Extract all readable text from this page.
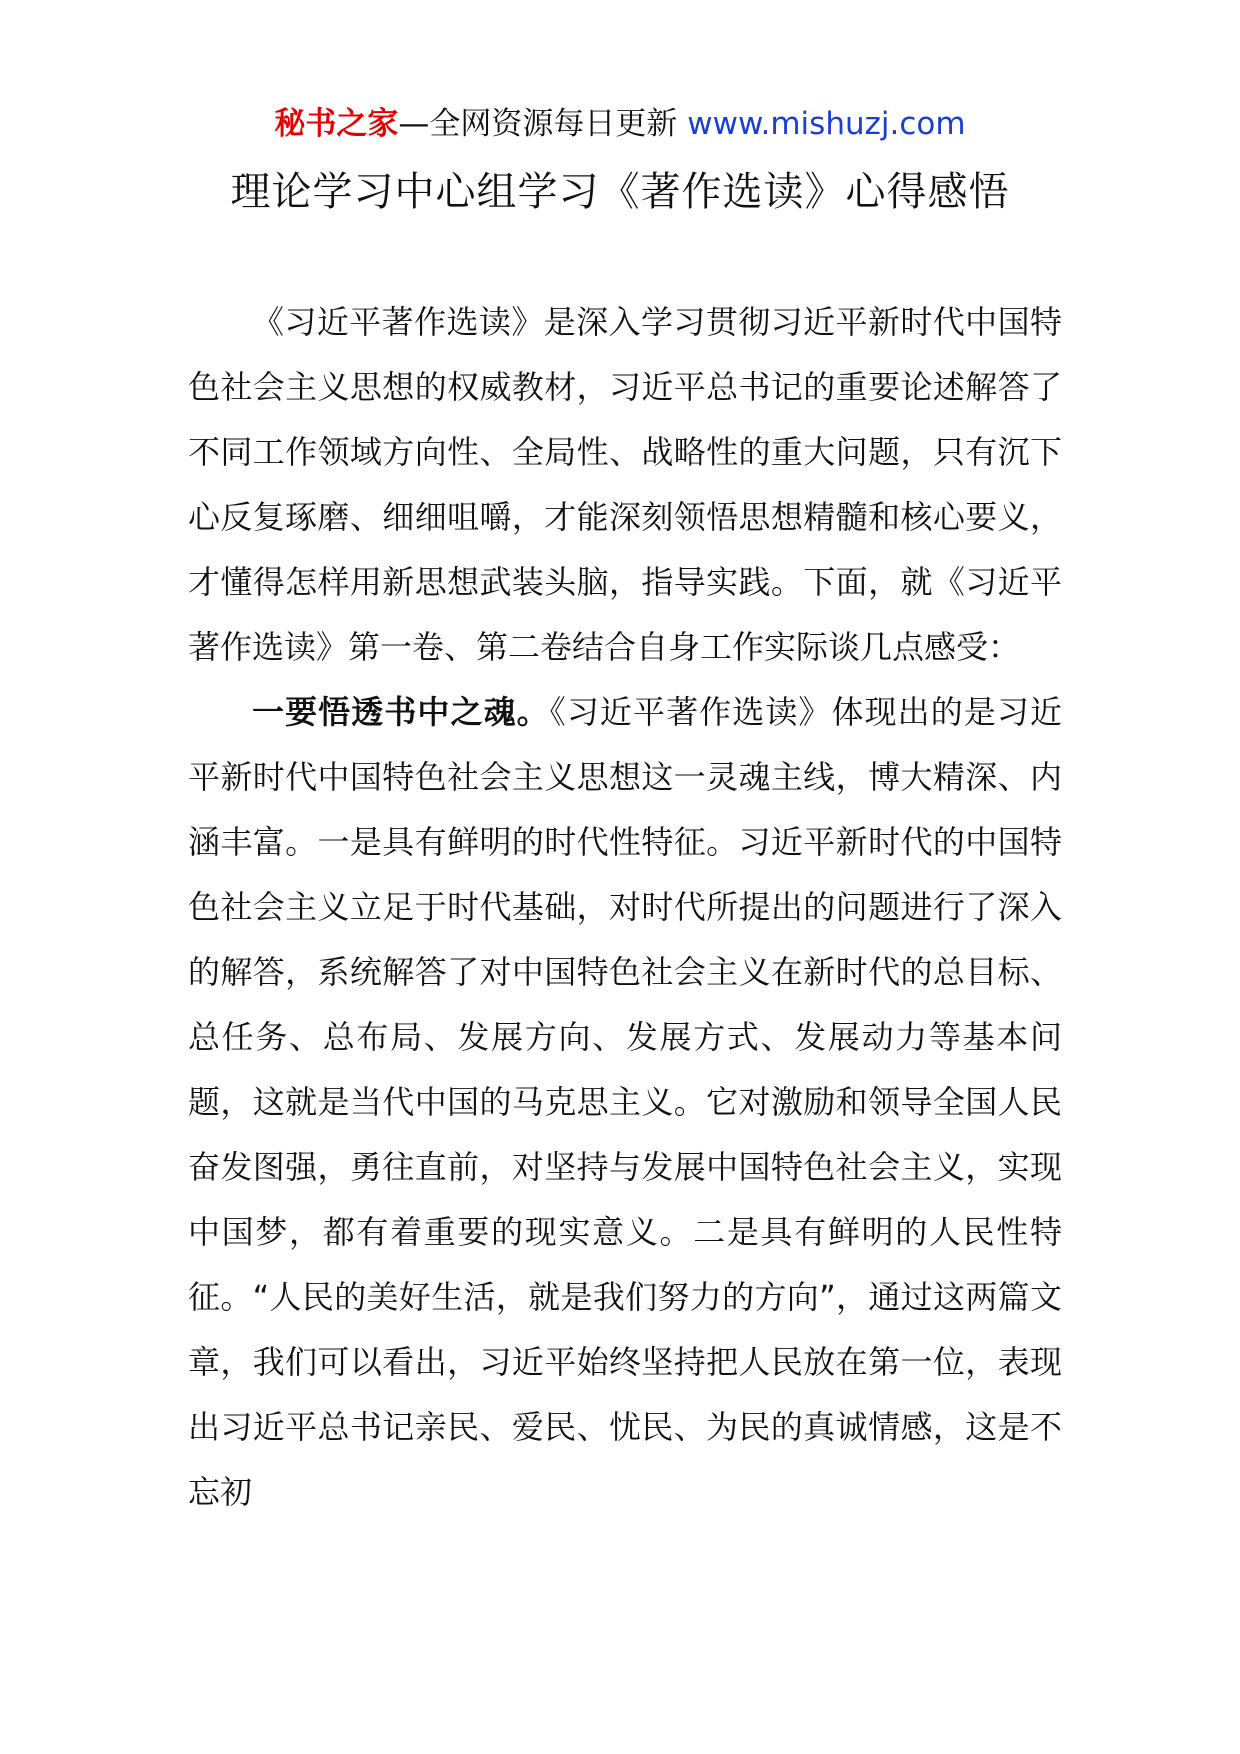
秘书之家—全网资源每日更新 www.mishuzj.com
理论学习中心组学习《著作选读》心得感悟

《习近平著作选读》是深入学习贯彻习近平新时代中国特色社会主义思想的权威教材，习近平总书记的重要论述解答了不同工作领域方向性、全局性、战略性的重大问题，只有沉下心反复琢磨、细细咀嚼，才能深刻领悟思想精髓和核心要义，才懂得怎样用新思想武装头脑，指导实践。下面，就《习近平著作选读》第一卷、第二卷结合自身工作实际谈几点感受：

一要悟透书中之魂。《习近平著作选读》体现出的是习近平新时代中国特色社会主义思想这一灵魂主线，博大精深、内涵丰富。一是具有鲜明的时代性特征。习近平新时代的中国特色社会主义立足于时代基础，对时代所提出的问题进行了深入的解答，系统解答了对中国特色社会主义在新时代的总目标、总任务、总布局、发展方向、发展方式、发展动力等基本问题，这就是当代中国的马克思主义。它对激励和领导全国人民奋发图强，勇往直前，对坚持与发展中国特色社会主义，实现中国梦，都有着重要的现实意义。二是具有鲜明的人民性特征。“人民的美好生活，就是我们努力的方向”，通过这两篇文章，我们可以看出，习近平始终坚持把人民放在第一位，表现出习近平总书记亲民、爱民、忧民、为民的真诚情感，这是不忘初
